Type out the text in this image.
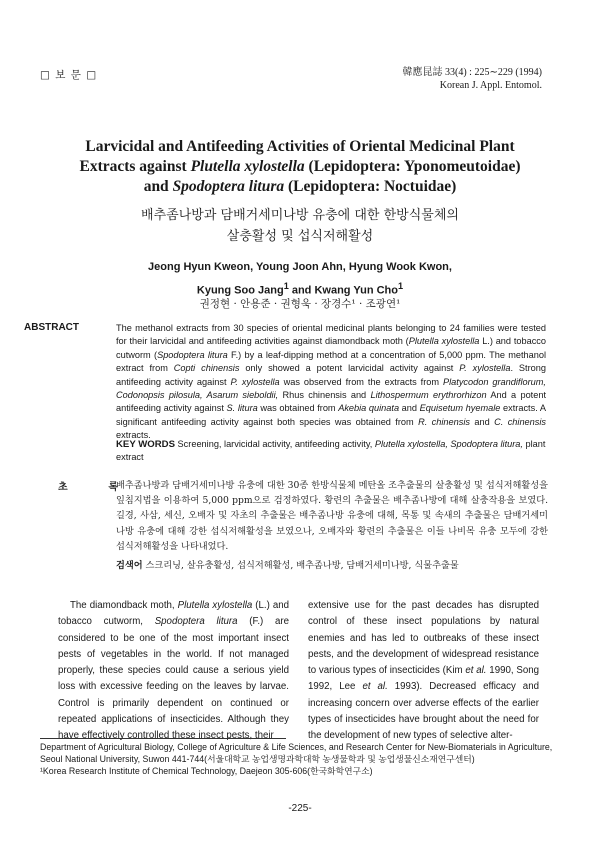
□ 보 문 □	韓應昆誌 33(4) : 225∼229 (1994)
Korean J. Appl. Entomol.
Larvicidal and Antifeeding Activities of Oriental Medicinal Plant
Extracts against Plutella xylostella (Lepidoptera: Yponomeutoidae)
and Spodoptera litura (Lepidoptera: Noctuidae)
배추좀나방과 담배거세미나방 유충에 대한 한방식물체의
살충활성 및 섭식저해활성
Jeong Hyun Kweon, Young Joon Ahn, Hyung Wook Kwon,
Kyung Soo Jang$^1$ and Kwang Yun Cho$^1$
권정현 · 안용준 · 권형욱 · 장경수¹ · 조광연¹
ABSTRACT	The methanol extracts from 30 species of oriental medicinal plants belonging to 24 families were tested for their larvicidal and antifeeding activities against diamondback moth (Plutella xylostella L.) and tobacco cutworm (Spodoptera litura F.) by a leaf-dipping method at a concentration of 5,000 ppm. The methanol extract from Copti chinensis only showed a potent larvicidal activity against P. xylostella. Strong antifeeding activity against P. xylostella was observed from the extracts from Platycodon grandiflorum, Codonopsis pilosula, Asarum sieboldii, Rhus chinensis and Lithospermum erythrorhizon And a potent antifeeding activity against S. litura was obtained from Akebia quinata and Equisetum hyemale extracts. A significant antifeeding activity against both species was obtained from R. chinensis and C. chinensis extracts.
KEY WORDS Screening, larvicidal activity, antifeeding activity, Plutella xylostella, Spodoptera litura, plant extract
초	록
배추좀나방과 담배거세미나방 유충에 대한 30종 한방식물체 메탄올 조추출물의 살충활성 및 섭식저해활성을 잎침지법을 이용하여 5,000 ppm으로 검정하였다. 황련의 추출물은 배추좀나방에 대해 살충작용을 보였다. 길경, 사삼, 세신, 오배자 및 자초의 추출물은 배추좀나방 유충에 대해, 목통 및 속새의 추출물은 담배거세미나방 유충에 대해 강한 섭식저해활성을 보였으나, 오배자와 황련의 추출물은 이들 나비목 유충 모두에 강한 섭식저해활성을 나타내었다.
검색어 스크리닝, 살유충활성, 섭식저해활성, 배추좀나방, 담배거세미나방, 식물추출물
The diamondback moth, Plutella xylostella (L.) and tobacco cutworm, Spodoptera litura (F.) are considered to be one of the most important insect pests of vegetables in the world. If not managed properly, these species could cause a serious yield loss with excessive feeding on the leaves by larvae. Control is primarily dependent on continued or repeated applications of insecticides. Although they have effectively controlled these insect pests, their
extensive use for the past decades has disrupted control of these insect populations by natural enemies and has led to outbreaks of these insect pests, and the development of widespread resistance to various types of insecticides (Kim et al. 1990, Song 1992, Lee et al. 1993). Decreased efficacy and increasing concern over adverse effects of the earlier types of insecticides have brought about the need for the development of new types of selective alter-
Department of Agricultural Biology, College of Agriculture & Life Sciences, and Research Center for New-Biomaterials in Agriculture, Seoul National University, Suwon 441-744(서울대학교 농업생명과학대학 농생물학과 및 농업생물신소재연구센터)
¹Korea Research Institute of Chemical Technology, Daejeon 305-606(한국화학연구소)
-225-
